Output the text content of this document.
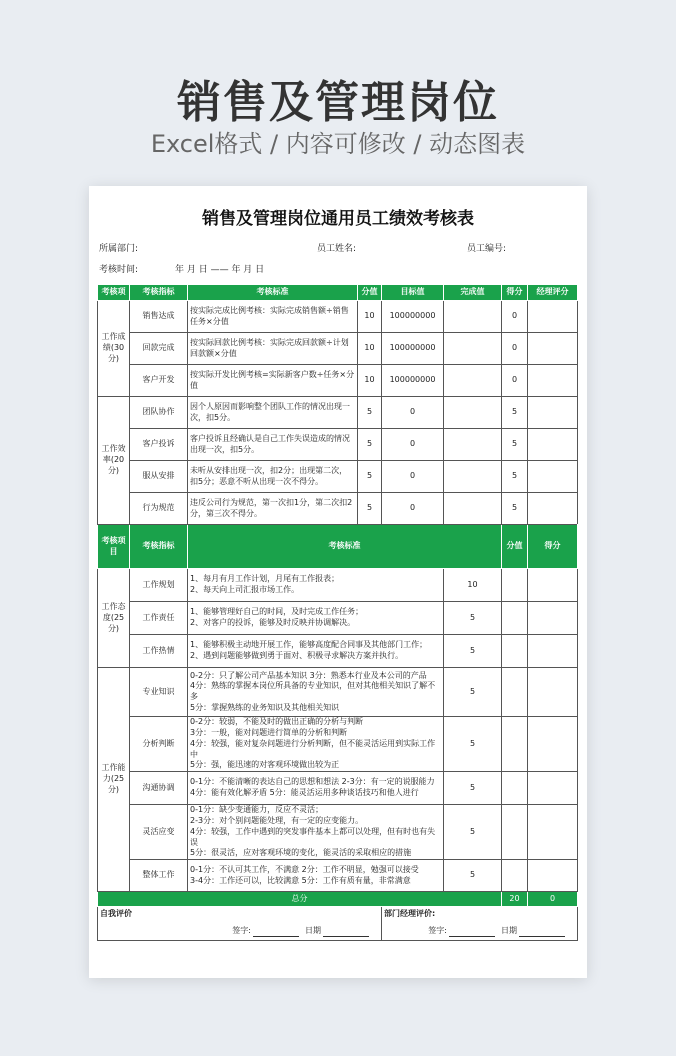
销售及管理岗位
Excel格式 / 内容可修改 / 动态图表
销售及管理岗位通用员工绩效考核表
所属部门:	员工姓名:	员工编号:
考核时间:	年 月 日 —— 年 月 日
考核项	考核指标	考核标准	分值	目标值	完成值	得分	经理评分	
工作成绩(30分)	销售达成	按实际完成比例考核：实际完成销售额÷销售任务×分值	10	100000000		0		
	回款完成	按实际回款比例考核：实际完成回款额÷计划回款额×分值	10	100000000		0		
	客户开发	按实际开发比例考核=实际新客户数÷任务×分值	10	100000000		0		
工作效率(20分)	团队协作	因个人原因而影响整个团队工作的情况出现一次，扣5分。	5	0		5		
	客户投诉	客户投诉且经确认是自己工作失误造成的情况出现一次，扣5分。	5	0		5		
	服从安排	未听从安排出现一次，扣2分；出现第二次，扣5分；恶意不听从出现一次不得分。	5	0		5		
	行为规范	违反公司行为规范，第一次扣1分，第二次扣2分，第三次不得分。	5	0		5		
考核项目	考核指标	考核标准				分值	得分	
工作态度(25分)	工作规划	1、每月有月工作计划，月尾有工作报表；
2、每天向上司汇报市场工作。			10			
	工作责任	1、能够管理好自己的时间，及时完成工作任务；
2、对客户的投诉，能够及时反映并协调解决。			5			
	工作热情	1、能够积极主动地开展工作，能够高度配合同事及其他部门工作；
2、遇到问题能够做到勇于面对、积极寻求解决方案并执行。			5			
工作能力(25分)	专业知识	0-2分：只了解公司产品基本知识 3分：熟悉本行业及本公司的产品
4分：熟练的掌握本岗位所具备的专业知识，但对其他相关知识了解不多
5分：掌握熟练的业务知识及其他相关知识			5			
	分析判断	0-2分：较弱，不能及时的做出正确的分析与判断
3分：一般，能对问题进行简单的分析和判断
4分：较强，能对复杂问题进行分析判断，但不能灵活运用到实际工作中
5分：强，能迅速的对客观环境做出较为正			5			
	沟通协调	0-1分：不能清晰的表达自己的思想和想法 2-3分：有一定的说服能力
4分：能有效化解矛盾 5分：能灵活运用多种谈话技巧和他人进行			5			
	灵活应变	0-1分：缺少变通能力，反应不灵活；
2-3分：对个别问题能处理，有一定的应变能力。
4分：较强，工作中遇到的突发事件基本上都可以处理，但有时也有失误
5分：很灵活，应对客观环境的变化，能灵活的采取相应的措施			5			
	整体工作	0-1分：不认可其工作，不满意 2分：工作不明显，勉强可以接受
3-4分：工作还可以，比较满意 5分：工作有质有量，非常满意			5			
总分						20	0	

自我评价
签字: 日期				部门经理评价:
签字: 日期				
